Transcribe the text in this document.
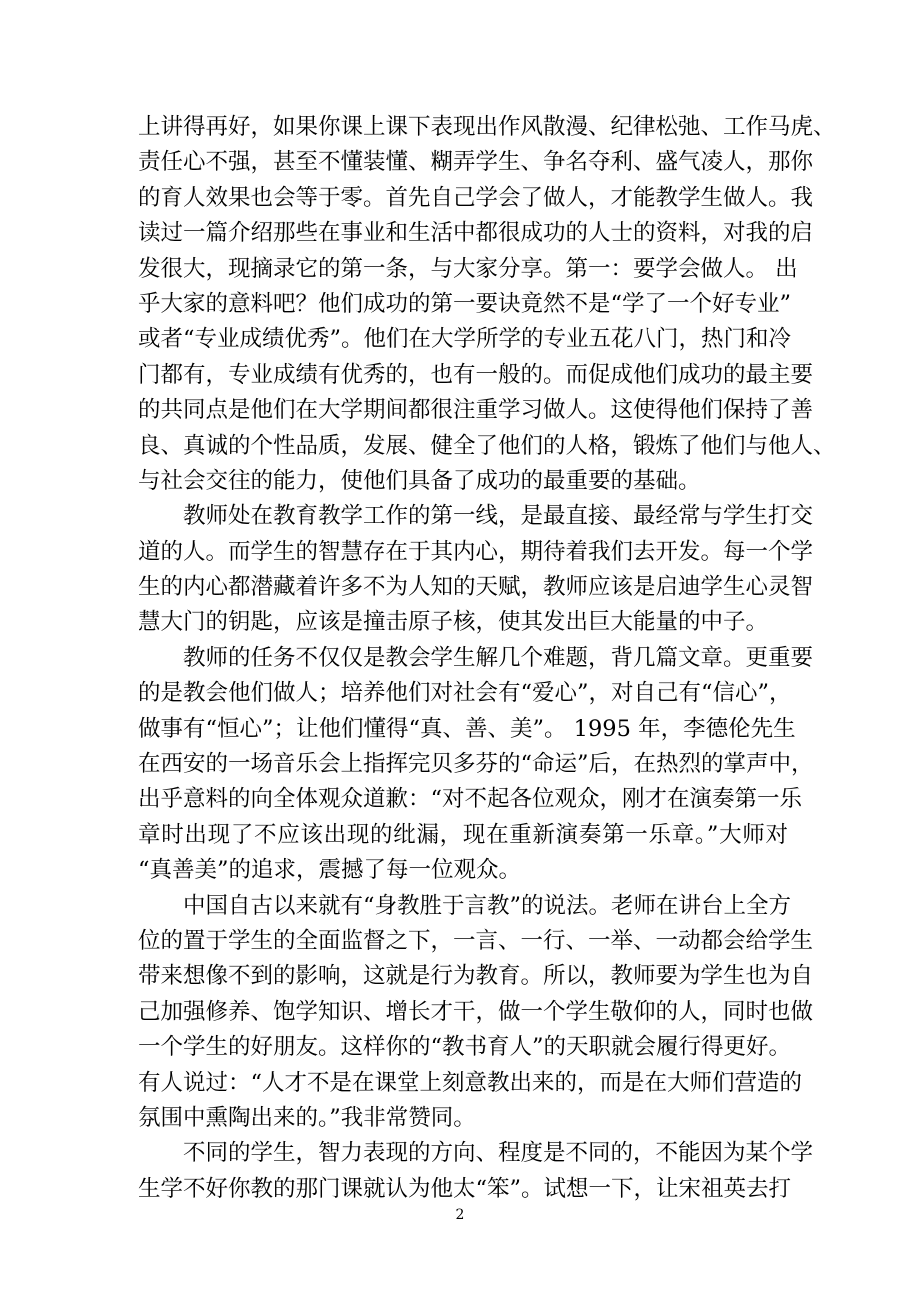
上讲得再好，如果你课上课下表现出作风散漫、纪律松弛、工作马虎、
责任心不强，甚至不懂装懂、糊弄学生、争名夺利、盛气凌人，那你
的育人效果也会等于零。首先自己学会了做人，才能教学生做人。我
读过一篇介绍那些在事业和生活中都很成功的人士的资料，对我的启
发很大，现摘录它的第一条，与大家分享。第一：要学会做人。 出
乎大家的意料吧？他们成功的第一要诀竟然不是“学了一个好专业”
或者“专业成绩优秀”。他们在大学所学的专业五花八门，热门和冷
门都有，专业成绩有优秀的，也有一般的。而促成他们成功的最主要
的共同点是他们在大学期间都很注重学习做人。这使得他们保持了善
良、真诚的个性品质，发展、健全了他们的人格，锻炼了他们与他人、
与社会交往的能力，使他们具备了成功的最重要的基础。
教师处在教育教学工作的第一线，是最直接、最经常与学生打交
道的人。而学生的智慧存在于其内心，期待着我们去开发。每一个学
生的内心都潜藏着许多不为人知的天赋，教师应该是启迪学生心灵智
慧大门的钥匙，应该是撞击原子核，使其发出巨大能量的中子。
教师的任务不仅仅是教会学生解几个难题，背几篇文章。更重要
的是教会他们做人；培养他们对社会有“爱心”，对自己有“信心”，
做事有“恒心”；让他们懂得“真、善、美”。 1995 年，李德伦先生
在西安的一场音乐会上指挥完贝多芬的“命运”后，在热烈的掌声中，
出乎意料的向全体观众道歉：“对不起各位观众，刚才在演奏第一乐
章时出现了不应该出现的纰漏，现在重新演奏第一乐章。”大师对
“真善美”的追求，震撼了每一位观众。
中国自古以来就有“身教胜于言教”的说法。老师在讲台上全方
位的置于学生的全面监督之下，一言、一行、一举、一动都会给学生
带来想像不到的影响，这就是行为教育。所以，教师要为学生也为自
己加强修养、饱学知识、增长才干，做一个学生敬仰的人，同时也做
一个学生的好朋友。这样你的“教书育人”的天职就会履行得更好。
有人说过：“人才不是在课堂上刻意教出来的，而是在大师们营造的
氛围中熏陶出来的。”我非常赞同。
不同的学生，智力表现的方向、程度是不同的，不能因为某个学
生学不好你教的那门课就认为他太“笨”。试想一下，让宋祖英去打
2
